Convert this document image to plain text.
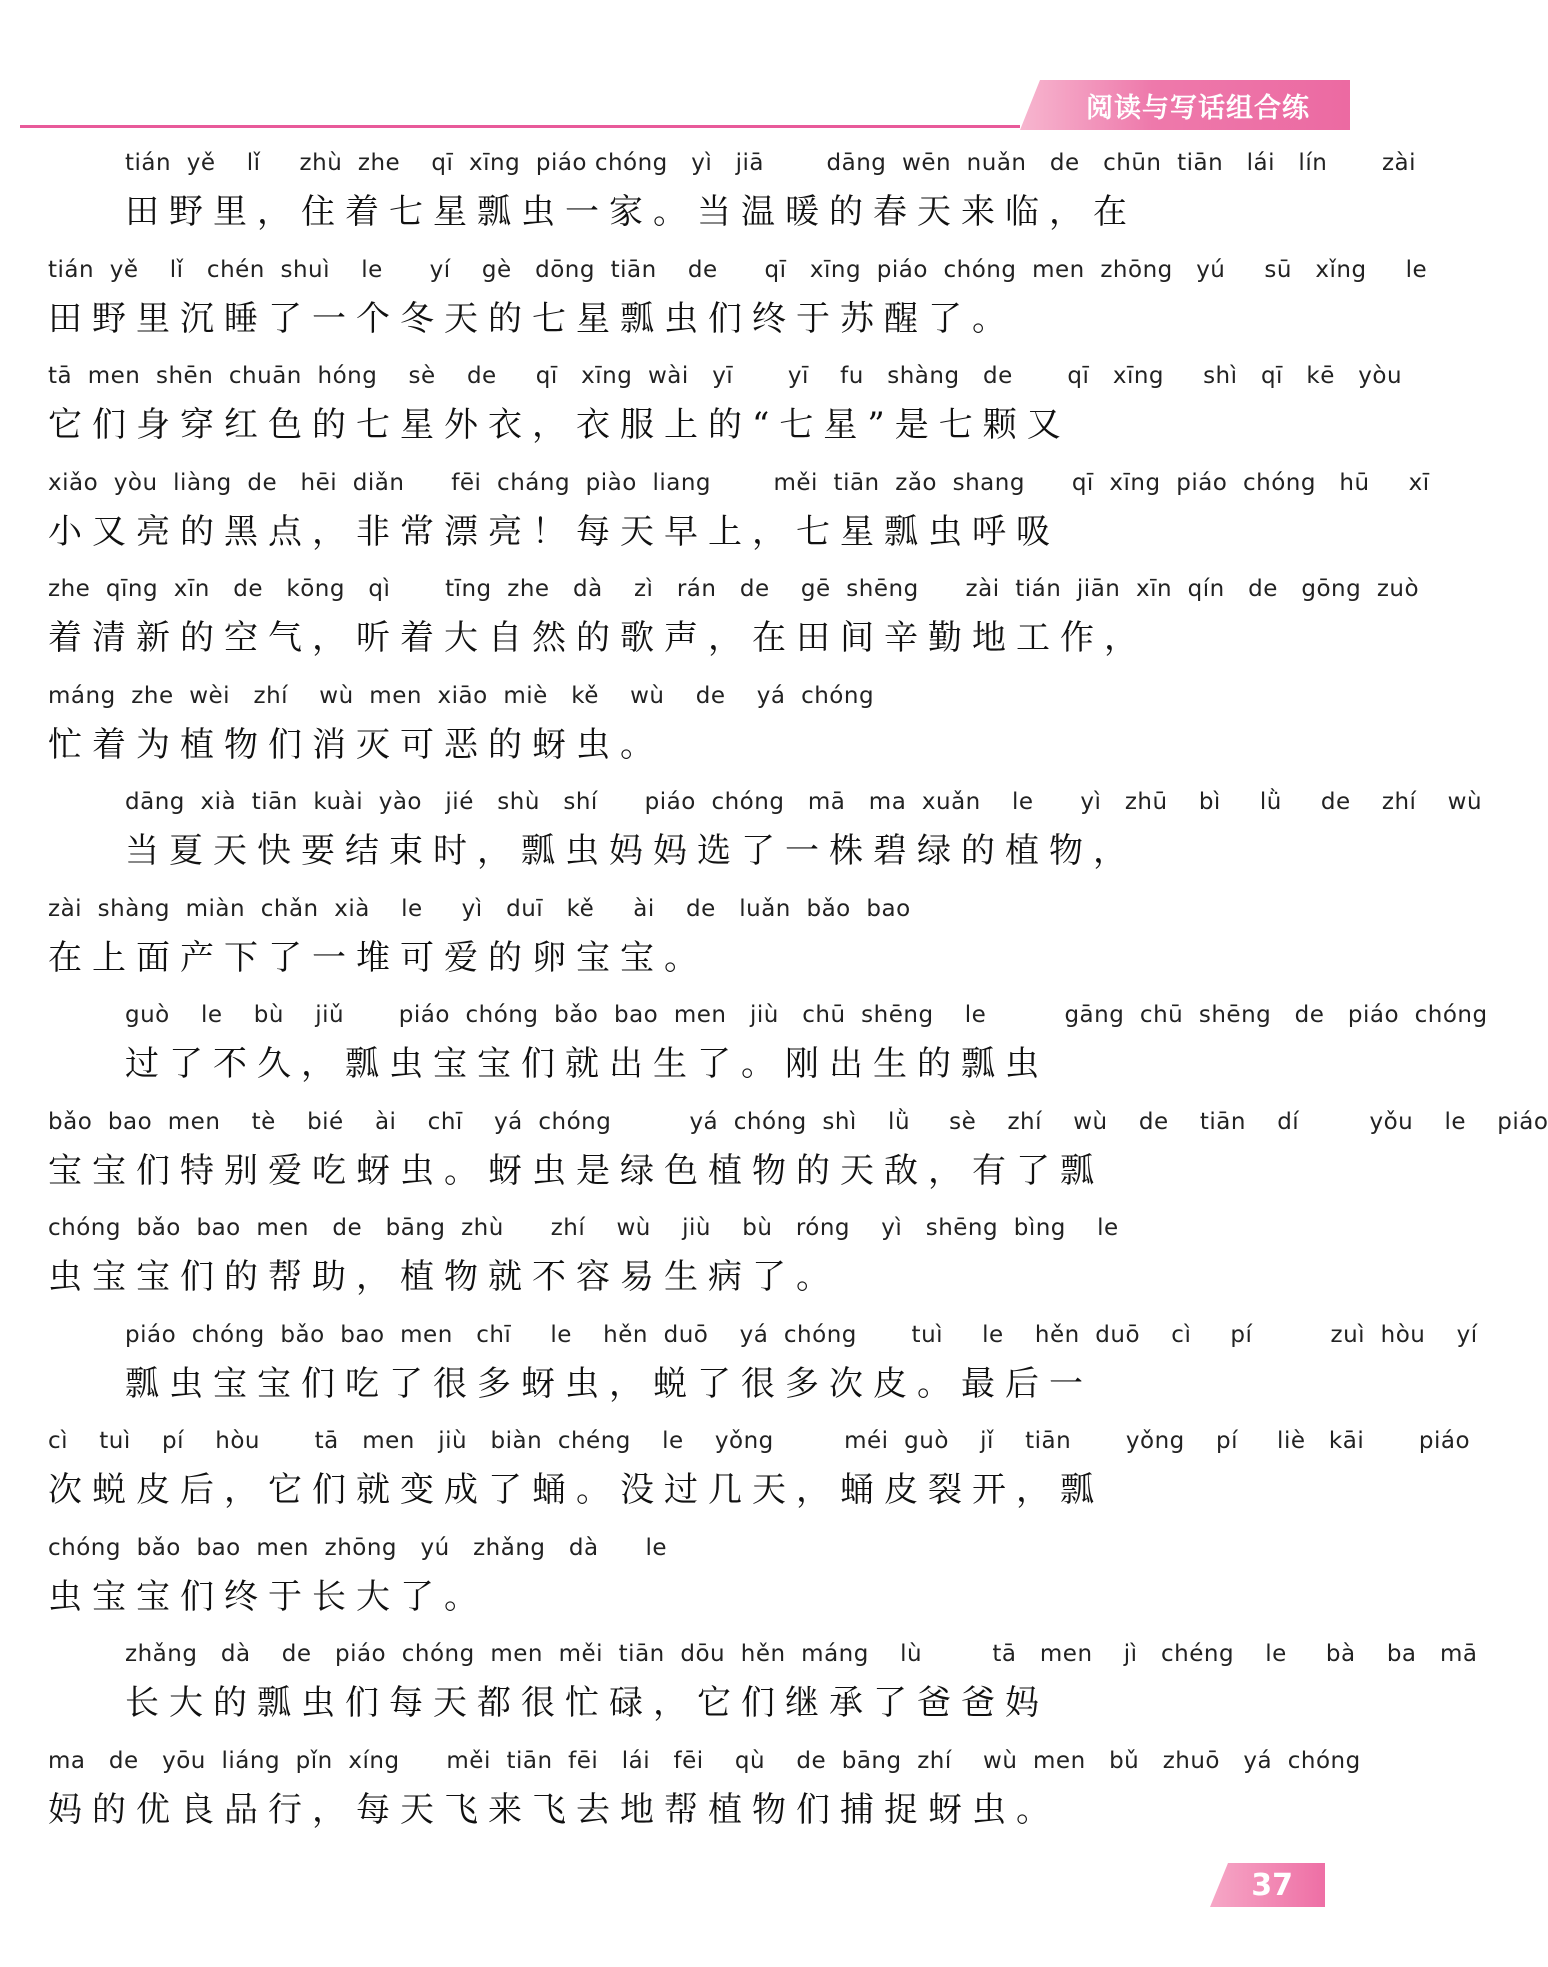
阅读与写话组合练
tián  yě    lǐ     zhù  zhe    qī  xīng  piáo chóng   yì   jiā        dāng  wēn  nuǎn   de   chūn  tiān   lái   lín       zài
田野里，住着七星瓢虫一家。当温暖的春天来临，在
tián  yě    lǐ   chén  shuì    le      yí    gè   dōng  tiān    de      qī   xīng  piáo  chóng  men  zhōng   yú     sū   xǐng     le
田野里沉睡了一个冬天的七星瓢虫们终于苏醒了。
tā  men  shēn  chuān  hóng    sè    de     qī   xīng  wài   yī       yī    fu   shàng   de       qī   xīng     shì   qī   kē   yòu
它们身穿红色的七星外衣，衣服上的“七星”是七颗又
xiǎo  yòu  liàng  de   hēi  diǎn      fēi  cháng  piào  liang        měi  tiān  zǎo  shang      qī  xīng  piáo  chóng   hū     xī
小又亮的黑点，非常漂亮！每天早上，七星瓢虫呼吸
zhe  qīng  xīn   de   kōng   qì       tīng  zhe   dà    zì   rán   de    gē  shēng      zài  tián  jiān  xīn  qín   de   gōng  zuò
着清新的空气，听着大自然的歌声，在田间辛勤地工作，
máng  zhe  wèi   zhí    wù  men  xiāo  miè   kě    wù    de    yá  chóng
忙着为植物们消灭可恶的蚜虫。
dāng  xià  tiān  kuài  yào   jié   shù   shí      piáo  chóng   mā   ma  xuǎn    le      yì   zhū    bì     lǜ     de    zhí    wù
当夏天快要结束时，瓢虫妈妈选了一株碧绿的植物，
zài  shàng  miàn  chǎn  xià    le     yì   duī   kě     ài    de   luǎn  bǎo  bao
在上面产下了一堆可爱的卵宝宝。
guò    le    bù    jiǔ       piáo  chóng  bǎo  bao  men   jiù   chū  shēng    le          gāng  chū  shēng   de   piáo  chóng
过了不久，瓢虫宝宝们就出生了。刚出生的瓢虫
bǎo  bao  men    tè    bié    ài    chī    yá  chóng          yá  chóng  shì    lǜ     sè    zhí    wù    de    tiān    dí         yǒu    le    piáo
宝宝们特别爱吃蚜虫。蚜虫是绿色植物的天敌，有了瓢
chóng  bǎo  bao  men   de   bāng  zhù      zhí    wù    jiù    bù   róng    yì   shēng  bìng    le
虫宝宝们的帮助，植物就不容易生病了。
piáo  chóng  bǎo  bao  men   chī     le    hěn  duō    yá  chóng       tuì     le    hěn  duō    cì     pí          zuì  hòu    yí
瓢虫宝宝们吃了很多蚜虫，蜕了很多次皮。最后一
cì    tuì    pí    hòu       tā   men   jiù   biàn  chéng    le    yǒng         méi  guò    jǐ    tiān       yǒng    pí     liè   kāi       piáo
次蜕皮后，它们就变成了蛹。没过几天，蛹皮裂开，瓢
chóng  bǎo  bao  men  zhōng   yú   zhǎng   dà      le
虫宝宝们终于长大了。
zhǎng   dà    de   piáo  chóng  men  měi  tiān  dōu  hěn  máng    lù         tā   men    jì   chéng    le     bà    ba   mā
长大的瓢虫们每天都很忙碌，它们继承了爸爸妈
ma   de   yōu  liáng  pǐn  xíng      měi  tiān  fēi   lái   fēi    qù    de  bāng  zhí    wù  men   bǔ   zhuō   yá  chóng
妈的优良品行，每天飞来飞去地帮植物们捕捉蚜虫。
37
